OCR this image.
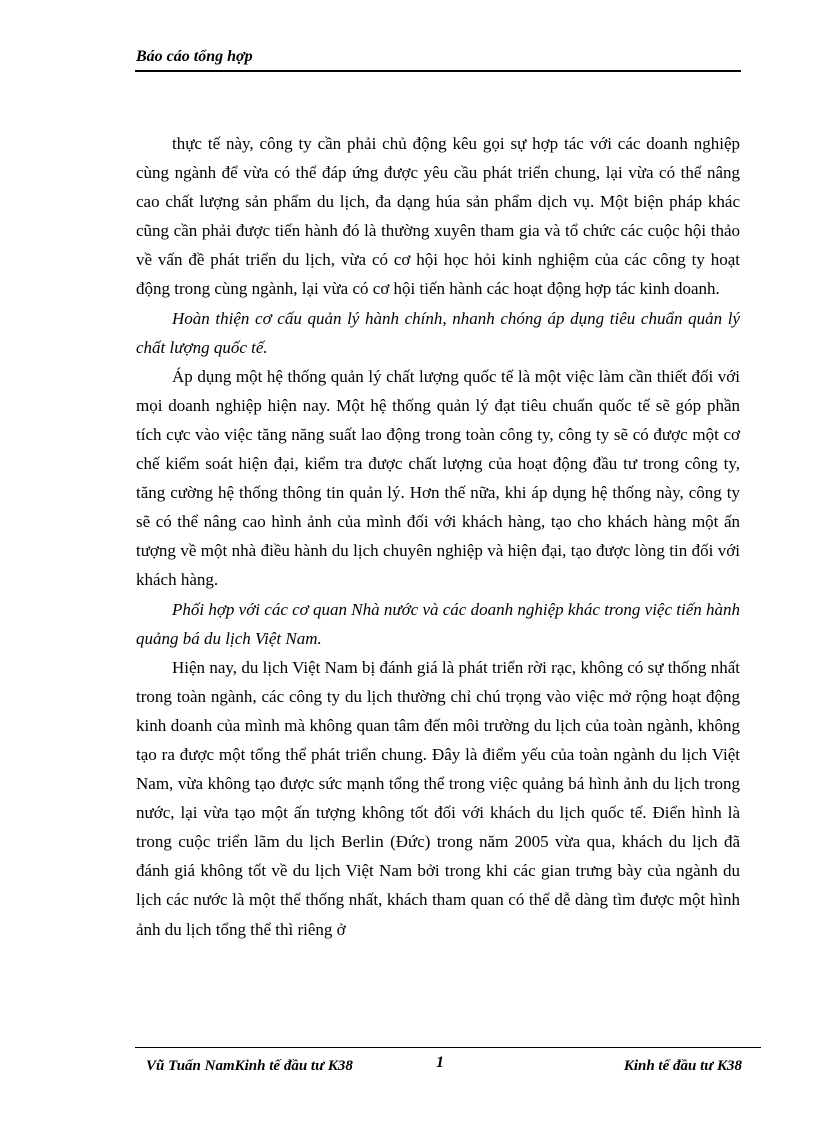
Báo cáo tổng hợp

thực tế này, công ty cần phải chủ động kêu gọi sự hợp tác với các doanh nghiệp cùng ngành để vừa có thể đáp ứng được yêu cầu phát triển chung, lại vừa có thể nâng cao chất lượng sản phẩm du lịch, đa dạng húa sản phẩm dịch vụ. Một biện pháp khác cũng cần phải được tiến hành đó là thường xuyên tham gia và tổ chức các cuộc hội thảo về vấn đề phát triển du lịch, vừa có cơ hội học hỏi kinh nghiệm của các công ty hoạt động trong cùng ngành, lại vừa có cơ hội tiến hành các hoạt động hợp tác kinh doanh.

Hoàn thiện cơ cấu quản lý hành chính, nhanh chóng áp dụng tiêu chuẩn quản lý chất lượng quốc tế.

Áp dụng một hệ thống quản lý chất lượng quốc tế là một việc làm cần thiết đối với mọi doanh nghiệp hiện nay. Một hệ thống quản lý đạt tiêu chuẩn quốc tế sẽ góp phần tích cực vào việc tăng năng suất lao động trong toàn công ty, công ty sẽ có được một cơ chế kiểm soát hiện đại, kiểm tra được chất lượng của hoạt động đầu tư trong công ty, tăng cường hệ thống thông tin quản lý. Hơn thế nữa, khi áp dụng hệ thống này, công ty sẽ có thể nâng cao hình ảnh của mình đối với khách hàng, tạo cho khách hàng một ấn tượng về một nhà điều hành du lịch chuyên nghiệp và hiện đại, tạo được lòng tin đối với khách hàng.

Phối hợp với các cơ quan Nhà nước và các doanh nghiệp khác trong việc tiến hành quảng bá du lịch Việt Nam.

Hiện nay, du lịch Việt Nam bị đánh giá là phát triển rời rạc, không có sự thống nhất trong toàn ngành, các công ty du lịch thường chỉ chú trọng vào việc mở rộng hoạt động kinh doanh của mình mà không quan tâm đến môi trường du lịch của toàn ngành, không tạo ra được một tổng thể phát triển chung. Đây là điểm yếu của toàn ngành du lịch Việt Nam, vừa không tạo được sức mạnh tổng thể trong việc quảng bá hình ảnh du lịch trong nước, lại vừa tạo một ấn tượng không tốt đối với khách du lịch quốc tế. Điển hình là trong cuộc triển lãm du lịch Berlin (Đức) trong năm 2005 vừa qua, khách du lịch đã đánh giá không tốt về du lịch Việt Nam bởi trong khi các gian trưng bày của ngành du lịch các nước là một thể thống nhất, khách tham quan có thể dễ dàng tìm được một hình ảnh du lịch tổng thể thì riêng ở

Vũ Tuấn NamKinh tế đầu tư K38	1	Kinh tế đầu tư K38
